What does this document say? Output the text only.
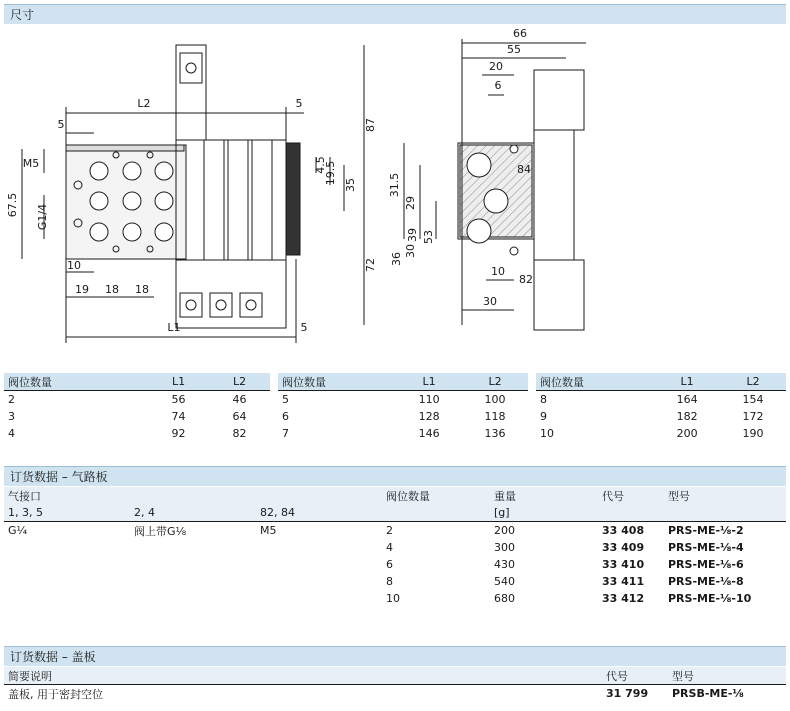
尺寸
L2
5
5
M5
67.5 G1/4
10
19 18 18
L1	5
87
72
4.5
19.5 35
66
55
20
6
84
31.5
29
39 53
30
36
82
10
30
阀位数量	L1	L2
2	56	46
3	74	64
4	92	82
阀位数量	L1	L2
5	110	100
6	128	118
7	146	136
阀位数量	L1	L2
8	164	154
9	182	172
10	200	190
订货数据 – 气路板
气接口			阀位数量	重量	代号	型号
1, 3, 5	2, 4	82, 84		[g]		
G¼	阀上带G⅛	M5	2	200	33 408	PRS-ME-⅛-2
			4	300	33 409	PRS-ME-⅛-4
			6	430	33 410	PRS-ME-⅛-6
			8	540	33 411	PRS-ME-⅛-8
			10	680	33 412	PRS-ME-⅛-10
订货数据 – 盖板
简要说明	代号	型号
盖板, 用于密封空位	31 799	PRSB-ME-⅛
